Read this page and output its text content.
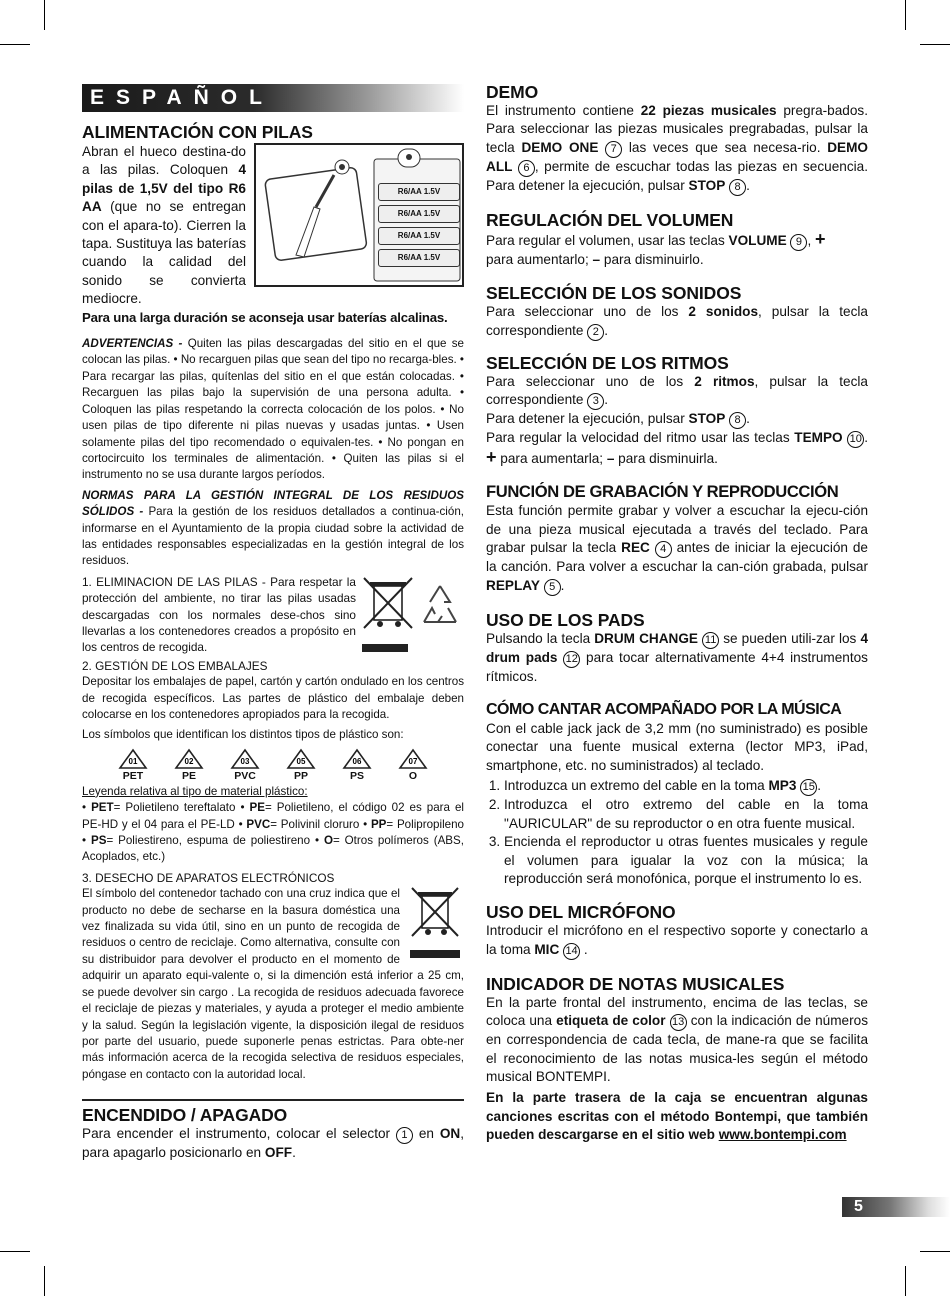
ESPAÑOL
ALIMENTACIÓN CON PILAS
R6/AA 1.5V
R6/AA 1.5V
R6/AA 1.5V
R6/AA 1.5V
Abran el hueco destina-do a las pilas. Coloquen 4 pilas de 1,5V del tipo R6 AA (que no se entregan con el apara-to). Cierren la tapa. Sustituya las baterías cuando la calidad del sonido se convierta mediocre.

Para una larga duración se aconseja usar baterías alcalinas.

ADVERTENCIAS - Quiten las pilas descargadas del sitio en el que se colocan las pilas. • No recarguen pilas que sean del tipo no recarga-bles. • Para recargar las pilas, quítenlas del sitio en el que están colocadas. • Recarguen las pilas bajo la supervisión de una persona adulta. • Coloquen las pilas respetando la correcta colocación de los polos. • No usen pilas de tipo diferente ni pilas nuevas y usadas juntas. • Usen solamente pilas del tipo recomendado o equivalen-tes. • No pongan en cortocircuito los terminales de alimentación. • Quiten las pilas si el instrumento no se usa durante largos períodos.

NORMAS PARA LA GESTIÓN INTEGRAL DE LOS RESIDUOS SÓLIDOS - Para la gestión de los residuos detallados a continua-ción, informarse en el Ayuntamiento de la propia ciudad sobre la actividad de las entidades responsables especializadas en la gestión integral de los residuos.

1. ELIMINACION DE LAS PILAS - Para respetar la protección del ambiente, no tirar las pilas usadas descargadas con los normales dese-chos sino llevarlas a los contenedores creados a propósito en los centros de recogida.

2. GESTIÓN DE LOS EMBALAJES

Depositar los embalajes de papel, cartón y cartón ondulado en los centros de recogida específicos. Las partes de plástico del embalaje deben colocarse en los contenedores apropiados para la recogida.

Los símbolos que identifican los distintos tipos de plástico son:

01
PET
02
PE
03
PVC
05
PP
06
PS
07
O

Leyenda relativa al tipo de material plástico:

• PET= Polietileno tereftalato • PE= Polietileno, el código 02 es para el PE-HD y el 04 para el PE-LD • PVC= Polivinil cloruro • PP= Polipropileno • PS= Poliestireno, espuma de poliestireno • O= Otros polímeros (ABS, Acoplados, etc.)

3. DESECHO DE APARATOS ELECTRÓNICOS

El símbolo del contenedor tachado con una cruz indica que el producto no debe de secharse en la basura doméstica una vez finalizada su vida útil, sino en un punto de recogida de residuos o centro de reciclaje. Como alternativa, consulte con su distribuidor para devolver el producto en el momento de adquirir un aparato equi-valente o, si la dimención está inferior a 25 cm, se puede devolver sin cargo . La recogida de residuos adecuada favorece el reciclaje de piezas y materiales, y ayuda a proteger el medio ambiente y la salud. Según la legislación vigente, la disposición ilegal de residuos por parte del usuario, puede suponerle penas estrictas. Para obte-ner más información acerca de la recogida selectiva de residuos especiales, póngase en contacto con la autoridad local.

ENCENDIDO / APAGADO

Para encender el instrumento, colocar el selector 1 en ON, para apagarlo posicionarlo en OFF.

DEMO

El instrumento contiene 22 piezas musicales pregra-bados. Para seleccionar las piezas musicales pregrabadas, pulsar la tecla DEMO ONE 7 las veces que sea necesa-rio. DEMO ALL 6 , permite de escuchar todas las piezas en secuencia. Para detener la ejecución, pulsar STOP 8 .

REGULACIÓN DEL VOLUMEN

Para regular el volumen, usar las teclas VOLUME 9 , +
para aumentarlo; – para disminuirlo.

SELECCIÓN DE LOS SONIDOS

Para seleccionar uno de los 2 sonidos, pulsar la tecla correspondiente 2 .

SELECCIÓN DE LOS RITMOS

Para seleccionar uno de los 2 ritmos, pulsar la tecla correspondiente 3 .
Para detener la ejecución, pulsar STOP 8 .
Para regular la velocidad del ritmo usar las teclas TEMPO 10 . + para aumentarla; – para disminuirla.

FUNCIÓN DE GRABACIÓN Y REPRODUCCIÓN

Esta función permite grabar y volver a escuchar la ejecu-ción de una pieza musical ejecutada a través del teclado. Para grabar pulsar la tecla REC 4 antes de iniciar la ejecución de la canción. Para volver a escuchar la can-ción grabada, pulsar REPLAY 5 .

USO DE LOS PADS

Pulsando la tecla DRUM CHANGE 11 se pueden utili-zar los 4 drum pads 12 para tocar alternativamente 4+4 instrumentos rítmicos.

CÓMO CANTAR ACOMPAÑADO POR LA MÚSICA

Con el cable jack jack de 3,2 mm (no suministrado) es posible conectar una fuente musical externa (lector MP3, iPad, smartphone, etc. no suministrados) al teclado.

1. Introduzca un extremo del cable en la toma MP3 15 .
2. Introduzca el otro extremo del cable en la toma "AURICULAR" de su reproductor o en otra fuente musical.
3. Encienda el reproductor u otras fuentes musicales y regule el volumen para igualar la voz con la música; la reproducción será monofónica, porque el instrumento lo es.
USO DEL MICRÓFONO

Introducir el micrófono en el respectivo soporte y conectarlo a la toma MIC 14 .

INDICADOR DE NOTAS MUSICALES

En la parte frontal del instrumento, encima de las teclas, se coloca una etiqueta de color 13 con la indicación de números en correspondencia de cada tecla, de mane-ra que se facilita el reconocimiento de las notas musica-les según el método musical BONTEMPI.

En la parte trasera de la caja se encuentran algunas canciones escritas con el método Bontempi, que también pueden descargarse en el sitio web www.bontempi.com

5
